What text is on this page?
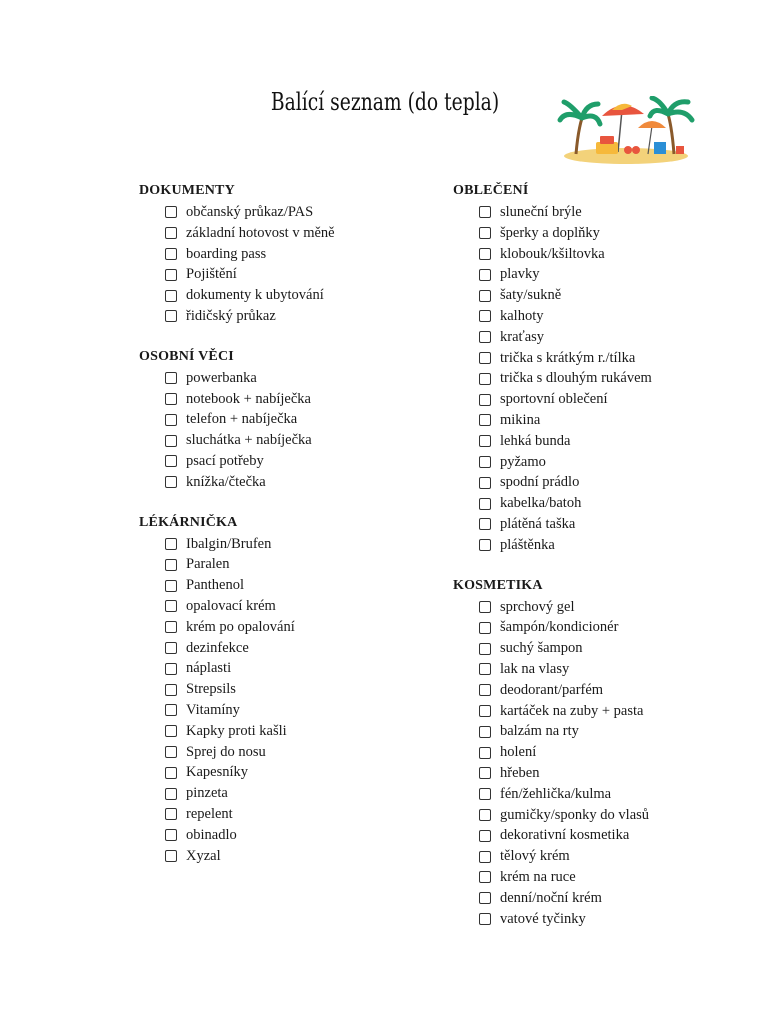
Balící seznam (do tepla)
DOKUMENTY
občanský průkaz/PAS
základní hotovost v měně
boarding pass
Pojištění
dokumenty k ubytování
řidičský průkaz
OSOBNÍ VĚCI
powerbanka
notebook + nabíječka
telefon + nabíječka
sluchátka + nabíječka
psací potřeby
knížka/čtečka
LÉKÁRNIČKA
Ibalgin/Brufen
Paralen
Panthenol
opalovací krém
krém po opalování
dezinfekce
náplasti
Strepsils
Vitamíny
Kapky proti kašli
Sprej do nosu
Kapesníky
pinzeta
repelent
obinadlo
Xyzal
OBLEČENÍ
sluneční brýle
šperky a doplňky
klobouk/kšiltovka
plavky
šaty/sukně
kalhoty
kraťasy
trička s krátkým r./tílka
trička s dlouhým rukávem
sportovní oblečení
mikina
lehká bunda
pyžamo
spodní prádlo
kabelka/batoh
plátěná taška
pláštěnka
KOSMETIKA
sprchový gel
šampón/kondicionér
suchý šampon
lak na vlasy
deodorant/parfém
kartáček na zuby + pasta
balzám na rty
holení
hřeben
fén/žehlička/kulma
gumičky/sponky do vlasů
dekorativní kosmetika
tělový krém
krém na ruce
denní/noční krém
vatové tyčinky
